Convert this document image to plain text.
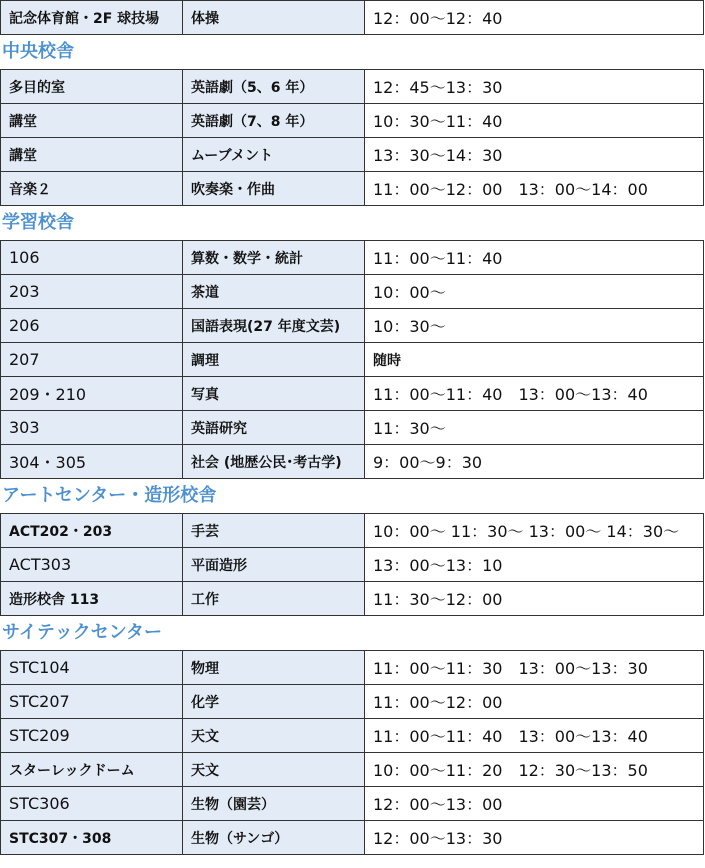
記念体育館・2F 球技場	体操	12：00～12：40
中央校舎
多目的室	英語劇（5、6 年）	12：45～13：30
講堂	英語劇（7、8 年）	10：30～11：40
講堂	ムーブメント	13：30～14：30
音楽２	吹奏楽・作曲	11：00～12：00　13：00～14：00
学習校舎
106	算数・数学・統計	11：00～11：40
203	茶道	10：00～
206	国語表現(27 年度文芸)	10：30～
207	調理	随時
209・210	写真	11：00～11：40　13：00～13：40
303	英語研究	11：30～
304・305	社会 (地歴公民･考古学)	9：00～9：30
アートセンター・造形校舎
ACT202・203	手芸	10：00～ 11：30～ 13：00～ 14：30～
ACT303	平面造形	13：00～13：10
造形校舎 113	工作	11：30～12：00
サイテックセンター
STC104	物理	11：00～11：30　13：00～13：30
STC207	化学	11：00～12：00
STC209	天文	11：00～11：40　13：00～13：40
スターレックドーム	天文	10：00～11：20　12：30～13：50
STC306	生物（園芸）	12：00～13：00
STC307・308	生物（サンゴ）	12：00～13：30
